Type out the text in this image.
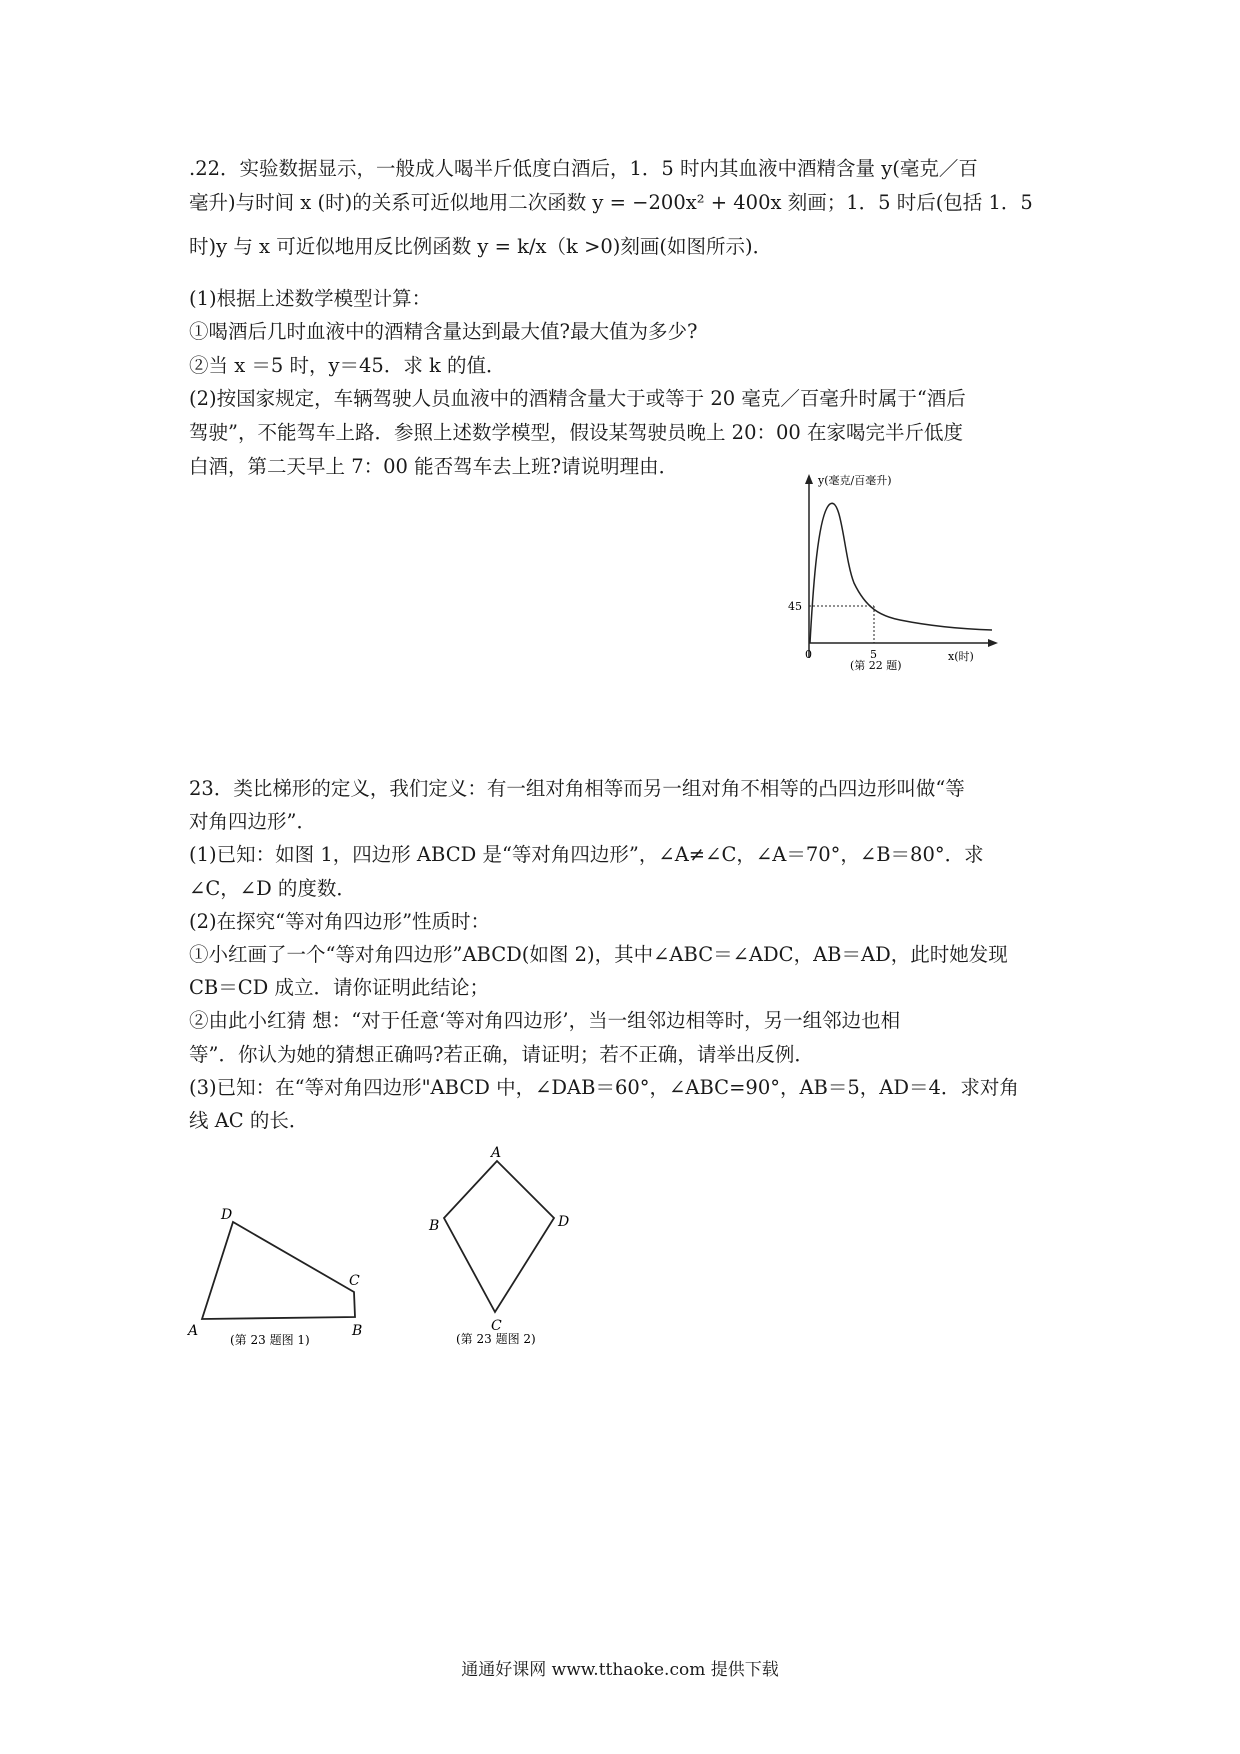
.22．实验数据显示，一般成人喝半斤低度白酒后，1．5 时内其血液中酒精含量 y(毫克／百
毫升)与时间 x (时)的关系可近似地用二次函数 y = −200x² + 400x 刻画；1．5 时后(包括 1．5
时)y 与 x 可近似地用反比例函数 y = k/x（k >0)刻画(如图所示)．
(1)根据上述数学模型计算：
①喝酒后几时血液中的酒精含量达到最大值?最大值为多少?
②当 x ＝5 时，y＝45．求 k 的值．
(2)按国家规定，车辆驾驶人员血液中的酒精含量大于或等于 20 毫克／百毫升时属于“酒后
驾驶”，不能驾车上路．参照上述数学模型，假设某驾驶员晚上 20：00 在家喝完半斤低度
白酒，第二天早上 7：00 能否驾车去上班?请说明理由．
y(毫克/百毫升)
45
0	5	x(时)
(第 22 题)
23．类比梯形的定义，我们定义：有一组对角相等而另一组对角不相等的凸四边形叫做“等
对角四边形”．
(1)已知：如图 1，四边形 ABCD 是“等对角四边形”，∠A≠∠C，∠A＝70°，∠B＝80°．求
∠C，∠D 的度数．
(2)在探究“等对角四边形”性质时：
①小红画了一个“等对角四边形”ABCD(如图 2)，其中∠ABC＝∠ADC，AB＝AD，此时她发现
CB＝CD 成立．请你证明此结论；
②由此小红猜 想：“对于任意‘等对角四边形’，当一组邻边相等时，另一组邻边也相
等”．你认为她的猜想正确吗?若正确，请证明；若不正确，请举出反例．
(3)已知：在“等对角四边形"ABCD 中，∠DAB＝60°，∠ABC=90°，AB＝5，AD＝4．求对角
线 AC 的长．
A	B
C
D
(第 23 题图 1)
A
B
C
D
(第 23 题图 2)
通通好课网 www.tthaoke.com 提供下载
